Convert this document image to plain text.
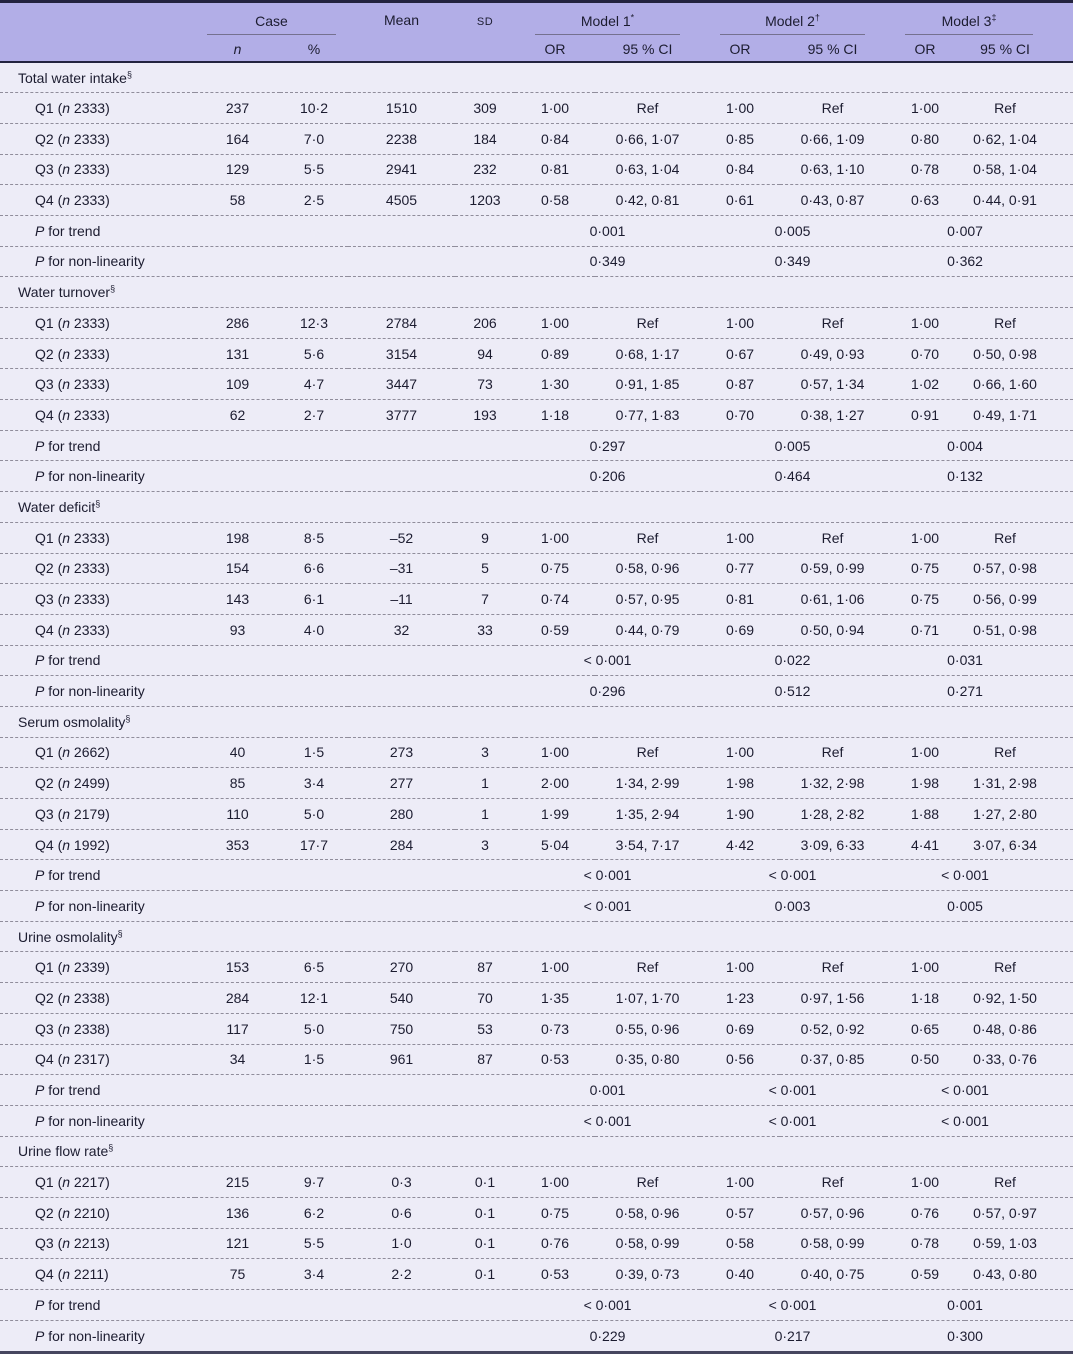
	Case		Mean	SD	Model 1*		Model 2†		Model 3‡

	n	%			OR	95 % CI	OR	95 % CI	OR	95 % CI
Total water intake§
Q1 (n 2333)	237	10·2	1510	309	1·00	Ref	1·00	Ref	1·00	Ref
Q2 (n 2333)	164	7·0	2238	184	0·84	0·66, 1·07	0·85	0·66, 1·09	0·80	0·62, 1·04
Q3 (n 2333)	129	5·5	2941	232	0·81	0·63, 1·04	0·84	0·63, 1·10	0·78	0·58, 1·04
Q4 (n 2333)	58	2·5	4505	1203	0·58	0·42, 0·81	0·61	0·43, 0·87	0·63	0·44, 0·91
P for trend					0·001		0·005		0·007	
P for non-linearity					0·349		0·349		0·362	
Water turnover§
Q1 (n 2333)	286	12·3	2784	206	1·00	Ref	1·00	Ref	1·00	Ref
Q2 (n 2333)	131	5·6	3154	94	0·89	0·68, 1·17	0·67	0·49, 0·93	0·70	0·50, 0·98
Q3 (n 2333)	109	4·7	3447	73	1·30	0·91, 1·85	0·87	0·57, 1·34	1·02	0·66, 1·60
Q4 (n 2333)	62	2·7	3777	193	1·18	0·77, 1·83	0·70	0·38, 1·27	0·91	0·49, 1·71
P for trend					0·297		0·005		0·004	
P for non-linearity					0·206		0·464		0·132	
Water deficit§
Q1 (n 2333)	198	8·5	–52	9	1·00	Ref	1·00	Ref	1·00	Ref
Q2 (n 2333)	154	6·6	–31	5	0·75	0·58, 0·96	0·77	0·59, 0·99	0·75	0·57, 0·98
Q3 (n 2333)	143	6·1	–11	7	0·74	0·57, 0·95	0·81	0·61, 1·06	0·75	0·56, 0·99
Q4 (n 2333)	93	4·0	32	33	0·59	0·44, 0·79	0·69	0·50, 0·94	0·71	0·51, 0·98
P for trend					< 0·001		0·022		0·031	
P for non-linearity					0·296		0·512		0·271	
Serum osmolality§
Q1 (n 2662)	40	1·5	273	3	1·00	Ref	1·00	Ref	1·00	Ref
Q2 (n 2499)	85	3·4	277	1	2·00	1·34, 2·99	1·98	1·32, 2·98	1·98	1·31, 2·98
Q3 (n 2179)	110	5·0	280	1	1·99	1·35, 2·94	1·90	1·28, 2·82	1·88	1·27, 2·80
Q4 (n 1992)	353	17·7	284	3	5·04	3·54, 7·17	4·42	3·09, 6·33	4·41	3·07, 6·34
P for trend					< 0·001		< 0·001		< 0·001	
P for non-linearity					< 0·001		0·003		0·005	
Urine osmolality§
Q1 (n 2339)	153	6·5	270	87	1·00	Ref	1·00	Ref	1·00	Ref
Q2 (n 2338)	284	12·1	540	70	1·35	1·07, 1·70	1·23	0·97, 1·56	1·18	0·92, 1·50
Q3 (n 2338)	117	5·0	750	53	0·73	0·55, 0·96	0·69	0·52, 0·92	0·65	0·48, 0·86
Q4 (n 2317)	34	1·5	961	87	0·53	0·35, 0·80	0·56	0·37, 0·85	0·50	0·33, 0·76
P for trend					0·001		< 0·001		< 0·001	
P for non-linearity					< 0·001		< 0·001		< 0·001	
Urine flow rate§
Q1 (n 2217)	215	9·7	0·3	0·1	1·00	Ref	1·00	Ref	1·00	Ref
Q2 (n 2210)	136	6·2	0·6	0·1	0·75	0·58, 0·96	0·57	0·57, 0·96	0·76	0·57, 0·97
Q3 (n 2213)	121	5·5	1·0	0·1	0·76	0·58, 0·99	0·58	0·58, 0·99	0·78	0·59, 1·03
Q4 (n 2211)	75	3·4	2·2	0·1	0·53	0·39, 0·73	0·40	0·40, 0·75	0·59	0·43, 0·80
P for trend					< 0·001		< 0·001		0·001	
P for non-linearity					0·229		0·217		0·300	
